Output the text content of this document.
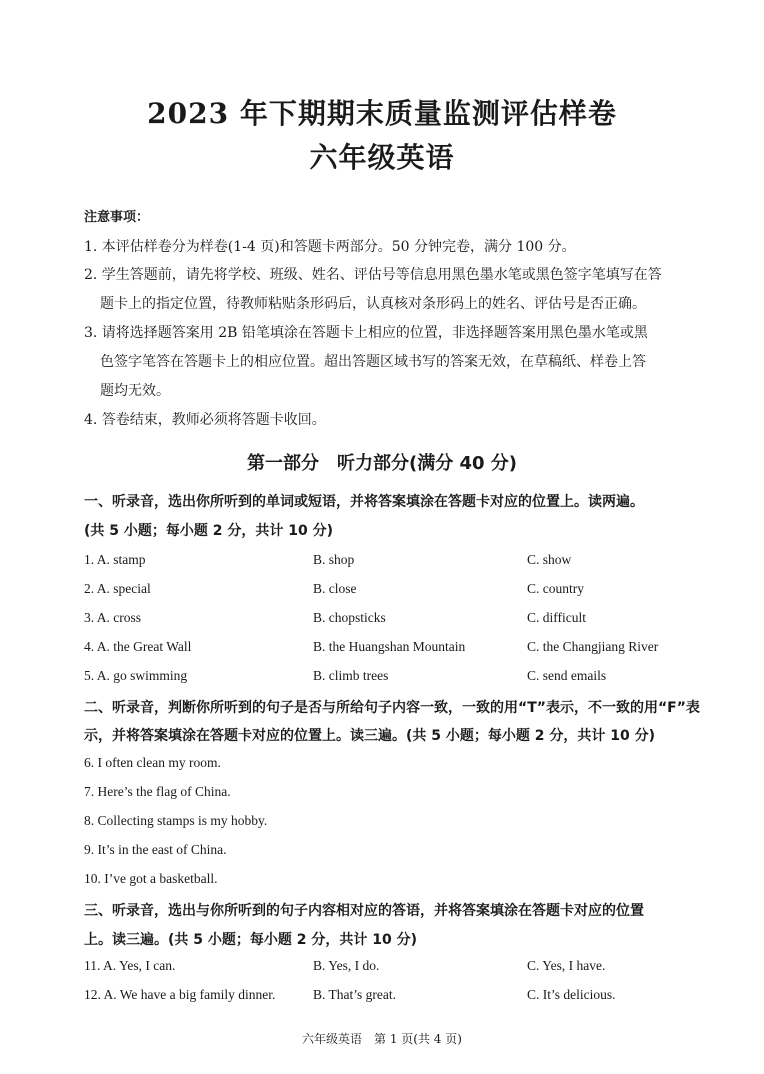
2023 年下期期末质量监测评估样卷
六年级英语
注意事项：
1. 本评估样卷分为样卷(1-4 页)和答题卡两部分。50 分钟完卷，满分 100 分。
2. 学生答题前，请先将学校、班级、姓名、评估号等信息用黑色墨水笔或黑色签字笔填写在答
题卡上的指定位置，待教师粘贴条形码后，认真核对条形码上的姓名、评估号是否正确。
3. 请将选择题答案用 2B 铅笔填涂在答题卡上相应的位置，非选择题答案用黑色墨水笔或黑
色签字笔答在答题卡上的相应位置。超出答题区域书写的答案无效，在草稿纸、样卷上答
题均无效。
4. 答卷结束，教师必须将答题卡收回。
第一部分　听力部分(满分 40 分)
一、听录音，选出你所听到的单词或短语，并将答案填涂在答题卡对应的位置上。读两遍。
(共 5 小题；每小题 2 分，共计 10 分)
1. A. stamp	B. shop	C. show
2. A. special	B. close	C. country
3. A. cross	B. chopsticks	C. difficult
4. A. the Great Wall	B. the Huangshan Mountain	C. the Changjiang River
5. A. go swimming	B. climb trees	C. send emails
二、听录音，判断你所听到的句子是否与所给句子内容一致，一致的用“T”表示，不一致的用“F”表
示，并将答案填涂在答题卡对应的位置上。读三遍。(共 5 小题；每小题 2 分，共计 10 分)
6. I often clean my room.
7. Here’s the flag of China.
8. Collecting stamps is my hobby.
9. It’s in the east of China.
10. I’ve got a basketball.
三、听录音，选出与你所听到的句子内容相对应的答语，并将答案填涂在答题卡对应的位置
上。读三遍。(共 5 小题；每小题 2 分，共计 10 分)
11. A. Yes, I can.	B. Yes, I do.	C. Yes, I have.
12. A. We have a big family dinner.	B. That’s great.	C. It’s delicious.
六年级英语　第 1 页(共 4 页)
